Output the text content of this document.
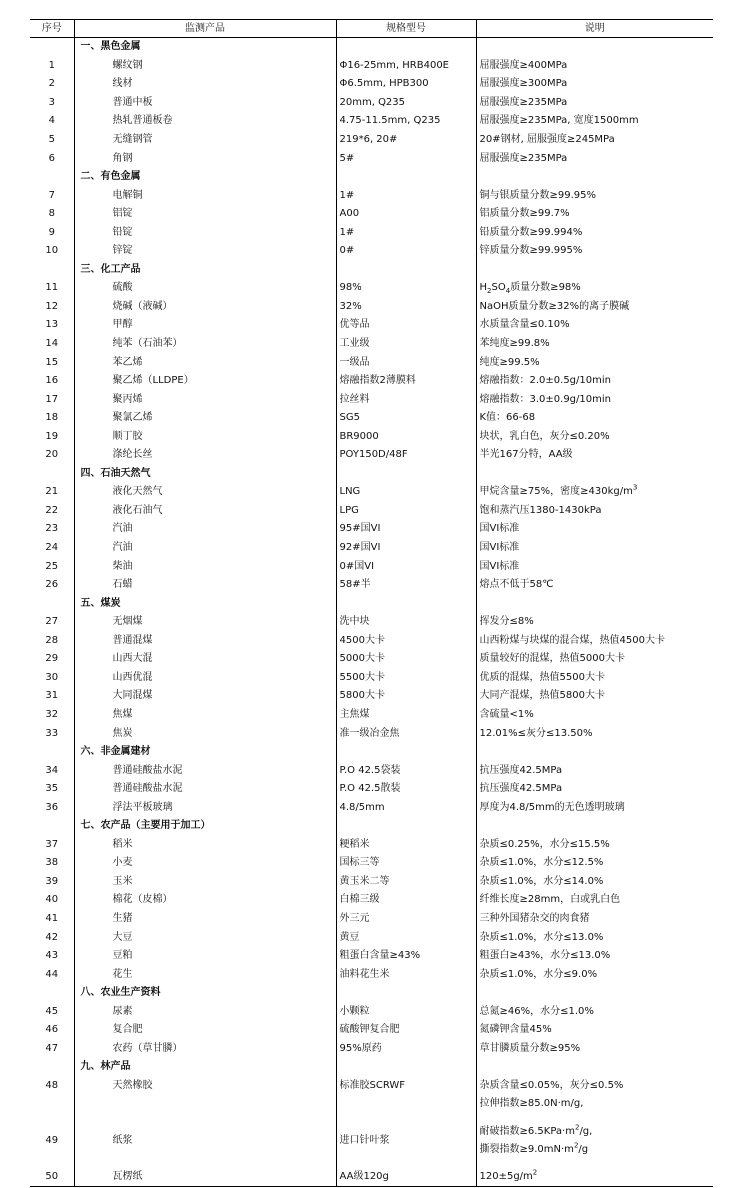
序号	监测产品	规格型号	说明
	一、黑色金属		
1	螺纹钢	Φ16-25mm, HRB400E	屈服强度≥400MPa
2	线材	Φ6.5mm, HPB300	屈服强度≥300MPa
3	普通中板	20mm, Q235	屈服强度≥235MPa
4	热轧普通板卷	4.75-11.5mm, Q235	屈服强度≥235MPa, 宽度1500mm
5	无缝钢管	219*6, 20#	20#钢材, 屈服强度≥245MPa
6	角钢	5#	屈服强度≥235MPa
	二、有色金属		
7	电解铜	1#	铜与银质量分数≥99.95%
8	铝锭	A00	铝质量分数≥99.7%
9	铅锭	1#	铅质量分数≥99.994%
10	锌锭	0#	锌质量分数≥99.995%
	三、化工产品		
11	硫酸	98%	$H_2SO_4$质量分数≥98%
12	烧碱（液碱）	32%	NaOH质量分数≥32%的离子膜碱
13	甲醇	优等品	水质量含量≤0.10%
14	纯苯（石油苯）	工业级	苯纯度≥99.8%
15	苯乙烯	一级品	纯度≥99.5%
16	聚乙烯（LLDPE）	熔融指数2薄膜料	熔融指数：2.0±0.5g/10min
17	聚丙烯	拉丝料	熔融指数：3.0±0.9g/10min
18	聚氯乙烯	SG5	K值：66-68
19	顺丁胶	BR9000	块状，乳白色，灰分≤0.20%
20	涤纶长丝	POY150D/48F	半光167分特，AA级
	四、石油天然气		
21	液化天然气	LNG	甲烷含量≥75%，密度$\ge 430kg/m^3$
22	液化石油气	LPG	饱和蒸汽压1380-1430kPa
23	汽油	95#国VI	国VI标准
24	汽油	92#国VI	国VI标准
25	柴油	0#国VI	国VI标准
26	石蜡	58#半	熔点不低于58℃
	五、煤炭		
27	无烟煤	洗中块	挥发分≤8%
28	普通混煤	4500大卡	山西粉煤与块煤的混合煤，热值4500大卡
29	山西大混	5000大卡	质量较好的混煤，热值5000大卡
30	山西优混	5500大卡	优质的混煤，热值5500大卡
31	大同混煤	5800大卡	大同产混煤，热值5800大卡
32	焦煤	主焦煤	含硫量<1%
33	焦炭	准一级冶金焦	12.01%≤灰分≤13.50%
	六、非金属建材		
34	普通硅酸盐水泥	P.O 42.5袋装	抗压强度42.5MPa
35	普通硅酸盐水泥	P.O 42.5散装	抗压强度42.5MPa
36	浮法平板玻璃	4.8/5mm	厚度为4.8/5mm的无色透明玻璃
	七、农产品（主要用于加工）		
37	稻米	粳稻米	杂质≤0.25%，水分≤15.5%
38	小麦	国标三等	杂质≤1.0%，水分≤12.5%
39	玉米	黄玉米二等	杂质≤1.0%，水分≤14.0%
40	棉花（皮棉）	白棉三级	纤维长度≥28mm，白或乳白色
41	生猪	外三元	三种外国猪杂交的肉食猪
42	大豆	黄豆	杂质≤1.0%，水分≤13.0%
43	豆粕	粗蛋白含量≥43%	粗蛋白≥43%，水分≤13.0%
44	花生	油料花生米	杂质≤1.0%，水分≤9.0%
	八、农业生产资料		
45	尿素	小颗粒	总氮≥46%，水分≤1.0%
46	复合肥	硫酸钾复合肥	氮磷钾含量45%
47	农药（草甘膦）	95%原药	草甘膦质量分数≥95%
	九、林产品		
48	天然橡胶	标准胶SCRWF	杂质含量≤0.05%，灰分≤0.5%
			拉伸指数≥85.0N·m/g,
49	纸浆	进口针叶浆	耐破指数$\ge 6.5KPa\cdot m^2/g$,
撕裂指数$\ge 9.0mN\cdot m^2/g$

50	瓦楞纸	AA级120g	$120\pm 5g/m^2$
